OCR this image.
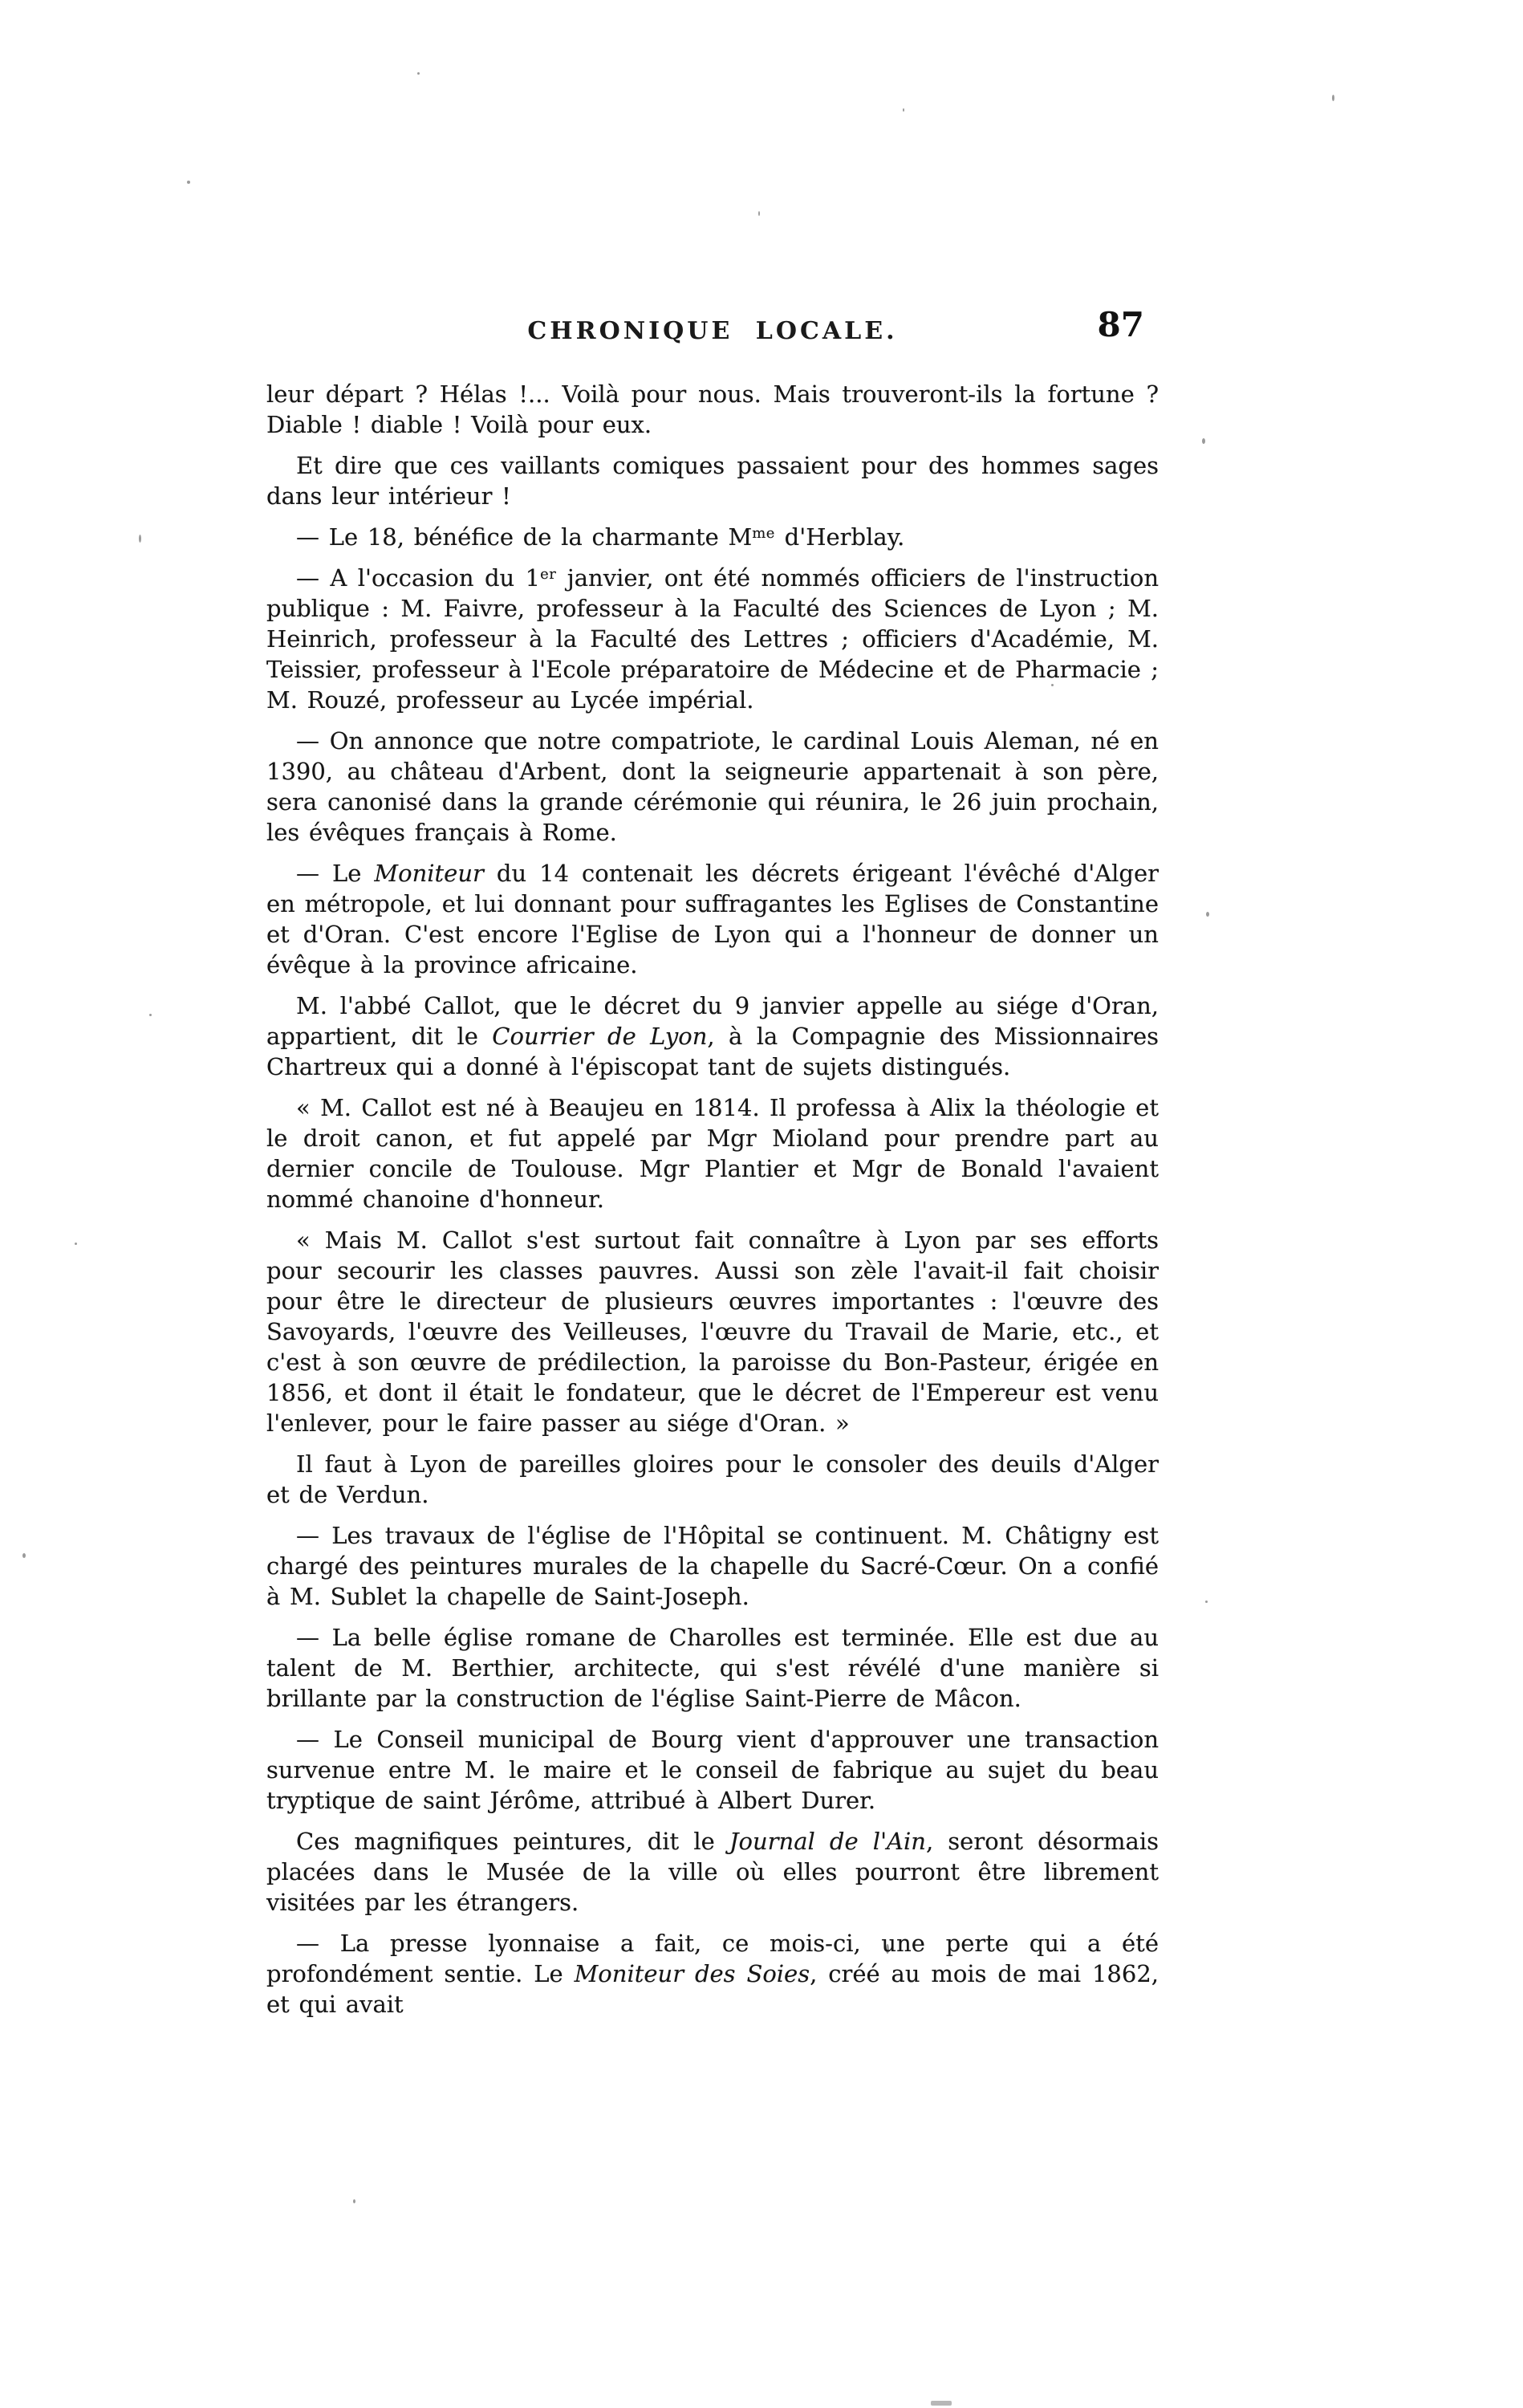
CHRONIQUE LOCALE.	87

leur départ ? Hélas !... Voilà pour nous. Mais trouveront-ils la fortune ? Diable ! diable ! Voilà pour eux.

Et dire que ces vaillants comiques passaient pour des hommes sages dans leur intérieur !

— Le 18, bénéfice de la charmante $M^{me}$ d'Herblay.

— A l'occasion du 1er janvier, ont été nommés officiers de l'instruction publique : M. Faivre, professeur à la Faculté des Sciences de Lyon ; M. Heinrich, professeur à la Faculté des Lettres ; officiers d'Académie, M. Teissier, professeur à l'Ecole préparatoire de Médecine et de Pharmacie ; M. Rouzé, professeur au Lycée impérial.

— On annonce que notre compatriote, le cardinal Louis Aleman, né en 1390, au château d'Arbent, dont la seigneurie appartenait à son père, sera canonisé dans la grande cérémonie qui réunira, le 26 juin prochain, les évêques français à Rome.

— Le Moniteur du 14 contenait les décrets érigeant l'évêché d'Alger en métropole, et lui donnant pour suffragantes les Eglises de Constantine et d'Oran. C'est encore l'Eglise de Lyon qui a l'honneur de donner un évêque à la province africaine.

M. l'abbé Callot, que le décret du 9 janvier appelle au siége d'Oran, appartient, dit le Courrier de Lyon, à la Compagnie des Missionnaires Chartreux qui a donné à l'épiscopat tant de sujets distingués.

« M. Callot est né à Beaujeu en 1814. Il professa à Alix la théologie et le droit canon, et fut appelé par Mgr Mioland pour prendre part au dernier concile de Toulouse. Mgr Plantier et Mgr de Bonald l'avaient nommé chanoine d'honneur.

« Mais M. Callot s'est surtout fait connaître à Lyon par ses efforts pour secourir les classes pauvres. Aussi son zèle l'avait-il fait choisir pour être le directeur de plusieurs œuvres importantes : l'œuvre des Savoyards, l'œuvre des Veilleuses, l'œuvre du Travail de Marie, etc., et c'est à son œuvre de prédilection, la paroisse du Bon-Pasteur, érigée en 1856, et dont il était le fondateur, que le décret de l'Empereur est venu l'enlever, pour le faire passer au siége d'Oran. »

Il faut à Lyon de pareilles gloires pour le consoler des deuils d'Alger et de Verdun.

— Les travaux de l'église de l'Hôpital se continuent. M. Châtigny est chargé des peintures murales de la chapelle du Sacré-Cœur. On a confié à M. Sublet la chapelle de Saint-Joseph.

— La belle église romane de Charolles est terminée. Elle est due au talent de M. Berthier, architecte, qui s'est révélé d'une manière si brillante par la construction de l'église Saint-Pierre de Mâcon.

— Le Conseil municipal de Bourg vient d'approuver une transaction survenue entre M. le maire et le conseil de fabrique au sujet du beau tryptique de saint Jérôme, attribué à Albert Durer.

Ces magnifiques peintures, dit le Journal de l'Ain, seront désormais placées dans le Musée de la ville où elles pourront être librement visitées par les étrangers.

— La presse lyonnaise a fait, ce mois-ci, une perte qui a été profondément sentie. Le Moniteur des Soies, créé au mois de mai 1862, et qui avait
